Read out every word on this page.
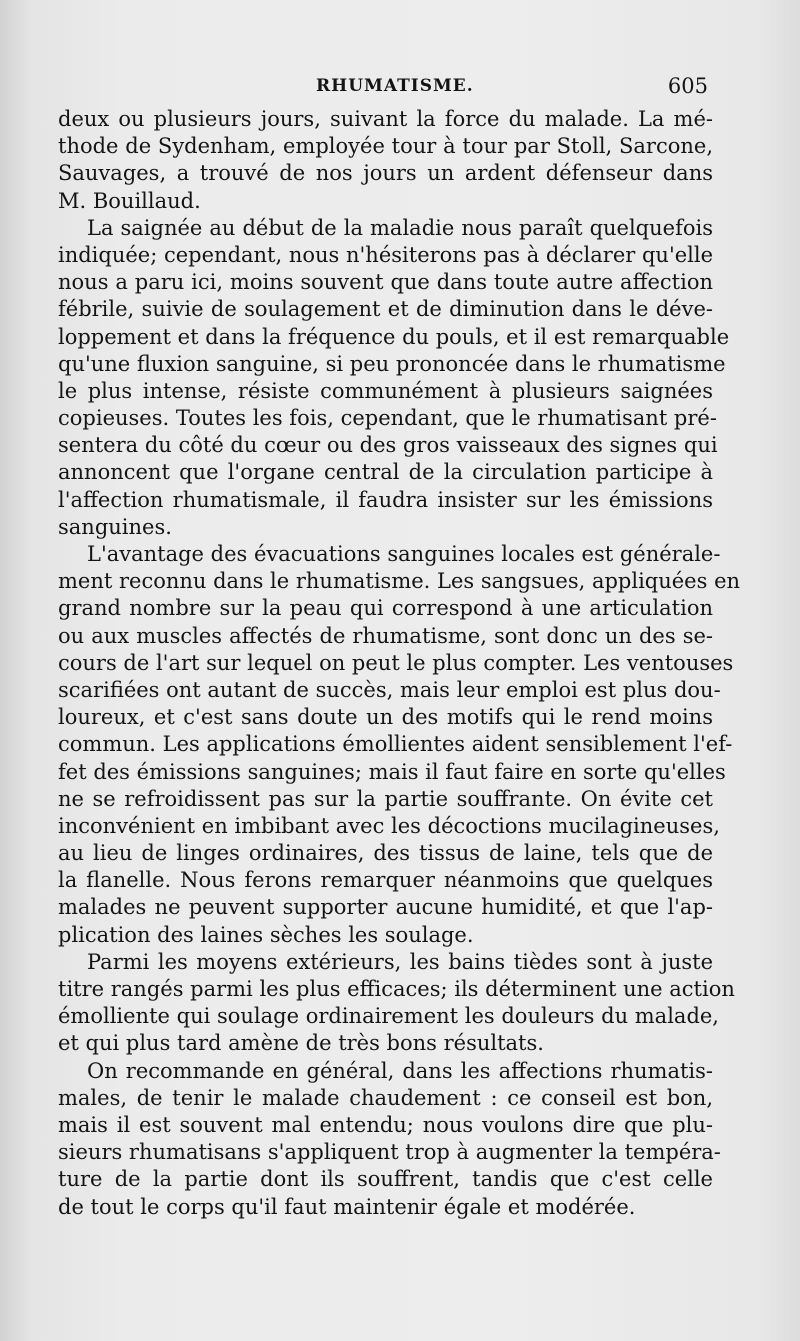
RHUMATISME.	605
deux ou plusieurs jours, suivant la force du malade. La mé-
thode de Sydenham, employée tour à tour par Stoll, Sarcone,
Sauvages, a trouvé de nos jours un ardent défenseur dans
M. Bouillaud.
La saignée au début de la maladie nous paraît quelquefois
indiquée; cependant, nous n'hésiterons pas à déclarer qu'elle
nous a paru ici, moins souvent que dans toute autre affection
fébrile, suivie de soulagement et de diminution dans le déve-
loppement et dans la fréquence du pouls, et il est remarquable
qu'une fluxion sanguine, si peu prononcée dans le rhumatisme
le plus intense, résiste communément à plusieurs saignées
copieuses. Toutes les fois, cependant, que le rhumatisant pré-
sentera du côté du cœur ou des gros vaisseaux des signes qui
annoncent que l'organe central de la circulation participe à
l'affection rhumatismale, il faudra insister sur les émissions
sanguines.
L'avantage des évacuations sanguines locales est générale-
ment reconnu dans le rhumatisme. Les sangsues, appliquées en
grand nombre sur la peau qui correspond à une articulation
ou aux muscles affectés de rhumatisme, sont donc un des se-
cours de l'art sur lequel on peut le plus compter. Les ventouses
scarifiées ont autant de succès, mais leur emploi est plus dou-
loureux, et c'est sans doute un des motifs qui le rend moins
commun. Les applications émollientes aident sensiblement l'ef-
fet des émissions sanguines; mais il faut faire en sorte qu'elles
ne se refroidissent pas sur la partie souffrante. On évite cet
inconvénient en imbibant avec les décoctions mucilagineuses,
au lieu de linges ordinaires, des tissus de laine, tels que de
la flanelle. Nous ferons remarquer néanmoins que quelques
malades ne peuvent supporter aucune humidité, et que l'ap-
plication des laines sèches les soulage.
Parmi les moyens extérieurs, les bains tièdes sont à juste
titre rangés parmi les plus efficaces; ils déterminent une action
émolliente qui soulage ordinairement les douleurs du malade,
et qui plus tard amène de très bons résultats.
On recommande en général, dans les affections rhumatis-
males, de tenir le malade chaudement : ce conseil est bon,
mais il est souvent mal entendu; nous voulons dire que plu-
sieurs rhumatisans s'appliquent trop à augmenter la tempéra-
ture de la partie dont ils souffrent, tandis que c'est celle
de tout le corps qu'il faut maintenir égale et modérée.
